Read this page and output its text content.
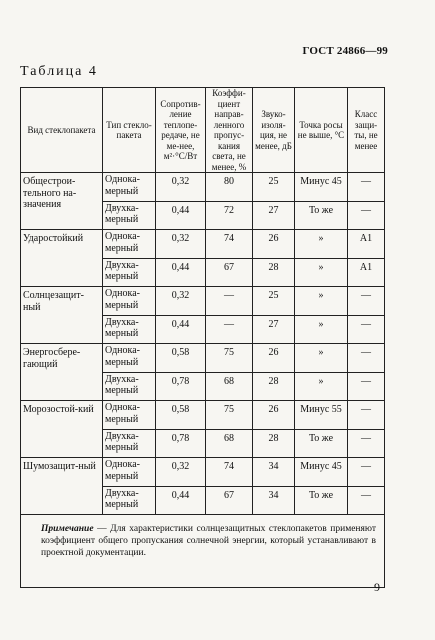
ГОСТ 24866—99
Таблица 4
Вид стеклопакета	Тип стекло-пакета	Сопротив-ление теплопе-редаче, не ме-нее, м²·°С/Вт	Коэффи-циент направ-ленного пропус-кания света, не менее, %	Звуко-изоля-ция, не менее, дБ	Точка росы не выше, °С	Класс защи-ты, не менее
Общестрои-тельного на-значения	Однока-мерный	0,32	80	25	Минус 45	—
	Двухка-мерный	0,44	72	27	То же	—
Ударостойкий	Однока-мерный	0,32	74	26	»	А1
	Двухка-мерный	0,44	67	28	»	А1
Солнцезащит-ный	Однока-мерный	0,32	—	25	»	—
	Двухка-мерный	0,44	—	27	»	—
Энергосбере-гающий	Однока-мерный	0,58	75	26	»	—
	Двухка-мерный	0,78	68	28	»	—
Морозостой-кий	Однока-мерный	0,58	75	26	Минус 55	—
	Двухка-мерный	0,78	68	28	То же	—
Шумозащит-ный	Однока-мерный	0,32	74	34	Минус 45	—
	Двухка-мерный	0,44	67	34	То же	—
Примечание — Для характеристики солнцезащитных стеклопакетов применяют коэффициент общего пропускания солнечной энергии, который устанавливают в проектной документации.						
9
